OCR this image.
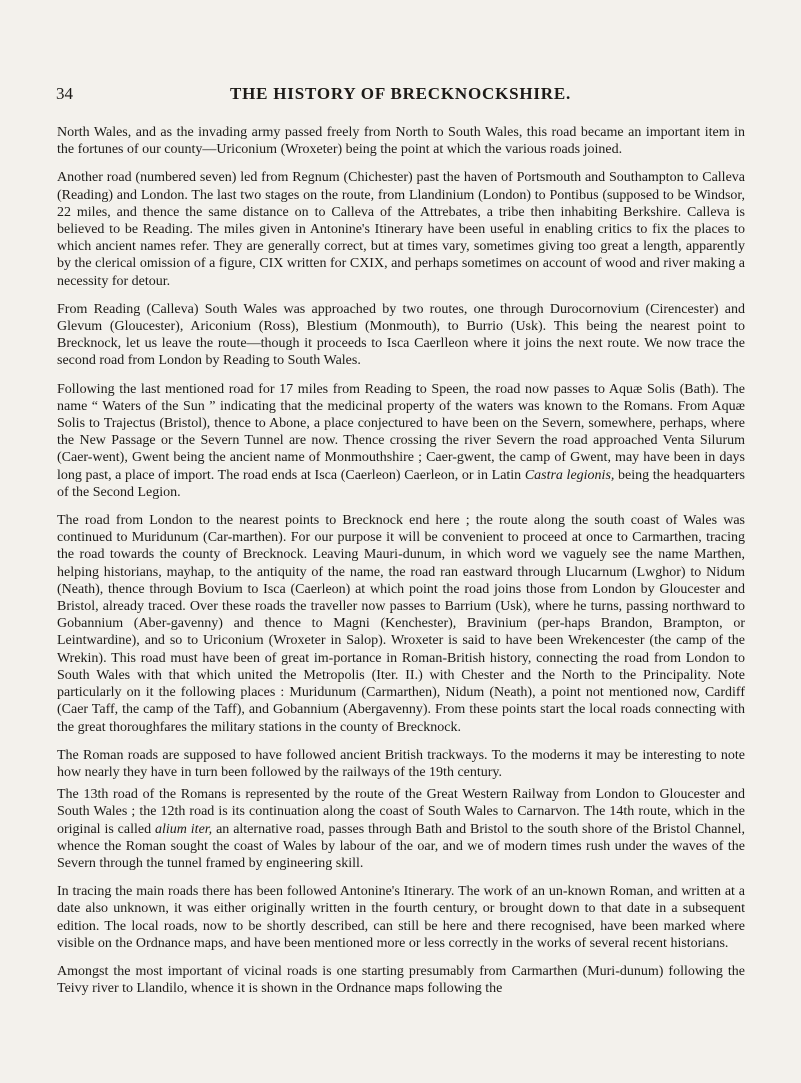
34	THE HISTORY OF BRECKNOCKSHIRE.

North Wales, and as the invading army passed freely from North to South Wales, this road became an important item in the fortunes of our county—Uriconium (Wroxeter) being the point at which the various roads joined.

Another road (numbered seven) led from Regnum (Chichester) past the haven of Portsmouth and Southampton to Calleva (Reading) and London. The last two stages on the route, from Llandinium (London) to Pontibus (supposed to be Windsor, 22 miles, and thence the same distance on to Calleva of the Attrebates, a tribe then inhabiting Berkshire. Calleva is believed to be Reading. The miles given in Antonine's Itinerary have been useful in enabling critics to fix the places to which ancient names refer. They are generally correct, but at times vary, sometimes giving too great a length, apparently by the clerical omission of a figure, CIX written for CXIX, and perhaps sometimes on account of wood and river making a necessity for detour.

From Reading (Calleva) South Wales was approached by two routes, one through Durocornovium (Cirencester) and Glevum (Gloucester), Ariconium (Ross), Blestium (Monmouth), to Burrio (Usk). This being the nearest point to Brecknock, let us leave the route—though it proceeds to Isca Caerlleon where it joins the next route. We now trace the second road from London by Reading to South Wales.

Following the last mentioned road for 17 miles from Reading to Speen, the road now passes to Aquæ Solis (Bath). The name “ Waters of the Sun ” indicating that the medicinal property of the waters was known to the Romans. From Aquæ Solis to Trajectus (Bristol), thence to Abone, a place conjectured to have been on the Severn, somewhere, perhaps, where the New Passage or the Severn Tunnel are now. Thence crossing the river Severn the road approached Venta Silurum (Caer-went), Gwent being the ancient name of Monmouthshire ; Caer-gwent, the camp of Gwent, may have been in days long past, a place of import. The road ends at Isca (Caerleon) Caerleon, or in Latin Castra legionis, being the headquarters of the Second Legion.

The road from London to the nearest points to Brecknock end here ; the route along the south coast of Wales was continued to Muridunum (Car-marthen). For our purpose it will be convenient to proceed at once to Carmarthen, tracing the road towards the county of Brecknock. Leaving Mauri-dunum, in which word we vaguely see the name Marthen, helping historians, mayhap, to the antiquity of the name, the road ran eastward through Llucarnum (Lwghor) to Nidum (Neath), thence through Bovium to Isca (Caerleon) at which point the road joins those from London by Gloucester and Bristol, already traced. Over these roads the traveller now passes to Barrium (Usk), where he turns, passing northward to Gobannium (Aber-gavenny) and thence to Magni (Kenchester), Bravinium (per-haps Brandon, Brampton, or Leintwardine), and so to Uriconium (Wroxeter in Salop). Wroxeter is said to have been Wrekencester (the camp of the Wrekin). This road must have been of great im-portance in Roman-British history, connecting the road from London to South Wales with that which united the Metropolis (Iter. II.) with Chester and the North to the Principality. Note particularly on it the following places : Muridunum (Carmarthen), Nidum (Neath), a point not mentioned now, Cardiff (Caer Taff, the camp of the Taff), and Gobannium (Abergavenny). From these points start the local roads connecting with the great thoroughfares the military stations in the county of Brecknock.

The Roman roads are supposed to have followed ancient British trackways. To the moderns it may be interesting to note how nearly they have in turn been followed by the railways of the 19th century.

The 13th road of the Romans is represented by the route of the Great Western Railway from London to Gloucester and South Wales ; the 12th road is its continuation along the coast of South Wales to Carnarvon. The 14th route, which in the original is called alium iter, an alternative road, passes through Bath and Bristol to the south shore of the Bristol Channel, whence the Roman sought the coast of Wales by labour of the oar, and we of modern times rush under the waves of the Severn through the tunnel framed by engineering skill.

In tracing the main roads there has been followed Antonine's Itinerary. The work of an un-known Roman, and written at a date also unknown, it was either originally written in the fourth century, or brought down to that date in a subsequent edition. The local roads, now to be shortly described, can still be here and there recognised, have been marked where visible on the Ordnance maps, and have been mentioned more or less correctly in the works of several recent historians.

Amongst the most important of vicinal roads is one starting presumably from Carmarthen (Muri-dunum) following the Teivy river to Llandilo, whence it is shown in the Ordnance maps following the
